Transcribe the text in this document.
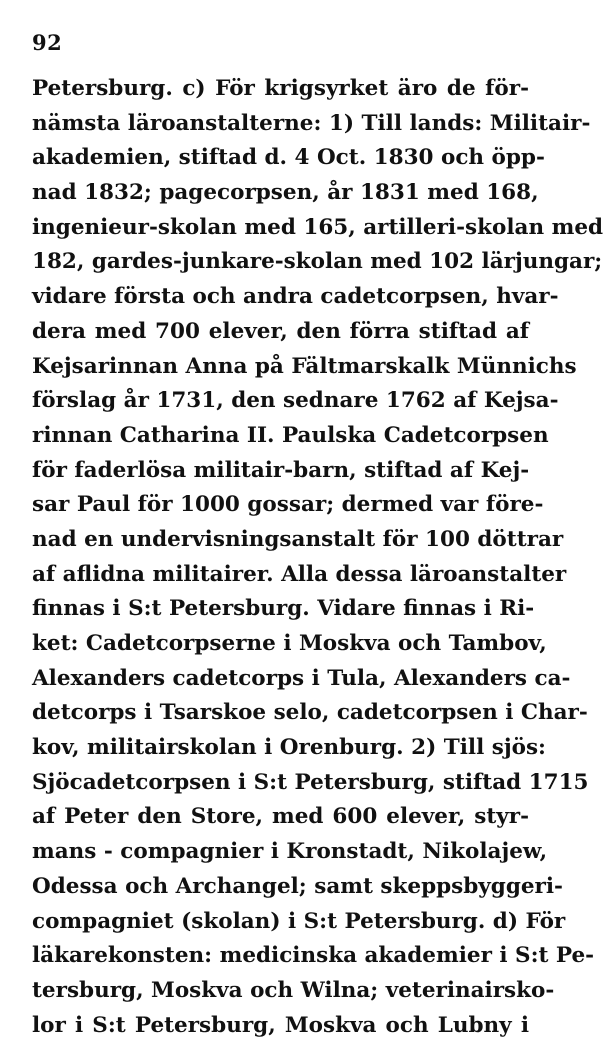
92
Petersburg. c) För krigsyrket äro de för-
nämsta läroanstalterne: 1) Till lands: Militair-
akademien, stiftad d. 4 Oct. 1830 och öpp-
nad 1832; pagecorpsen, år 1831 med 168,
ingenieur-skolan med 165, artilleri-skolan med
182, gardes-junkare-skolan med 102 lärjungar;
vidare första och andra cadetcorpsen, hvar-
dera med 700 elever, den förra stiftad af
Kejsarinnan Anna på Fältmarskalk Münnichs
förslag år 1731, den sednare 1762 af Kejsa-
rinnan Catharina II. Paulska Cadetcorpsen
för faderlösa militair-barn, stiftad af Kej-
sar Paul för 1000 gossar; dermed var före-
nad en undervisningsanstalt för 100 döttrar
af aflidna militairer. Alla dessa läroanstalter
finnas i S:t Petersburg. Vidare finnas i Ri-
ket: Cadetcorpserne i Moskva och Tambov,
Alexanders cadetcorps i Tula, Alexanders ca-
detcorps i Tsarskoe selo, cadetcorpsen i Char-
kov, militairskolan i Orenburg. 2) Till sjös:
Sjöcadetcorpsen i S:t Petersburg, stiftad 1715
af Peter den Store, med 600 elever, styr-
mans - compagnier i Kronstadt, Nikolajew,
Odessa och Archangel; samt skeppsbyggeri-
compagniet (skolan) i S:t Petersburg. d) För
läkarekonsten: medicinska akademier i S:t Pe-
tersburg, Moskva och Wilna; veterinairsko-
lor i S:t Petersburg, Moskva och Lubny i
